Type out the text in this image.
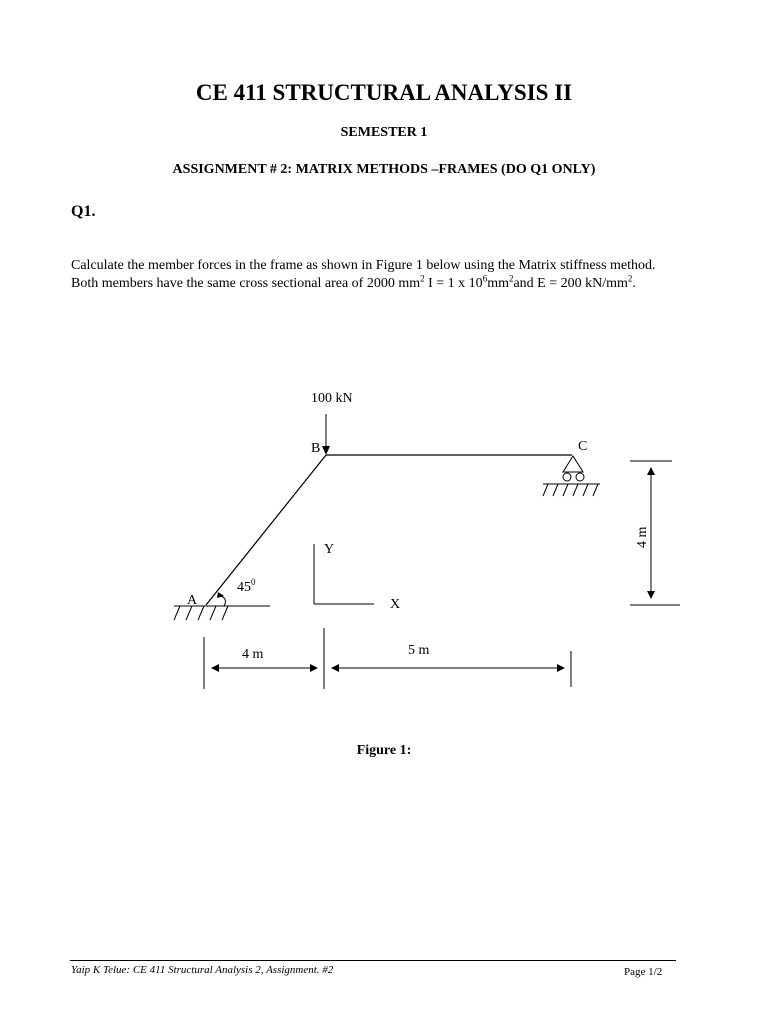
CE 411 STRUCTURAL ANALYSIS II
SEMESTER 1
ASSIGNMENT # 2: MATRIX METHODS –FRAMES (DO Q1 ONLY)
Q1.
Calculate the member forces in the frame as shown in Figure 1 below using the Matrix stiffness method. Both members have the same cross sectional area of 2000 $mm^2$ I = 1 x $10^6mm^2and$ E = 200 $kN/mm^2$.
100 kN
B	C
A
$45^0$
Y
X
4 m	5 m
4 m
Figure 1:
Yaip K Telue: CE 411 Structural Analysis 2, Assignment. #2	Page 1/2
